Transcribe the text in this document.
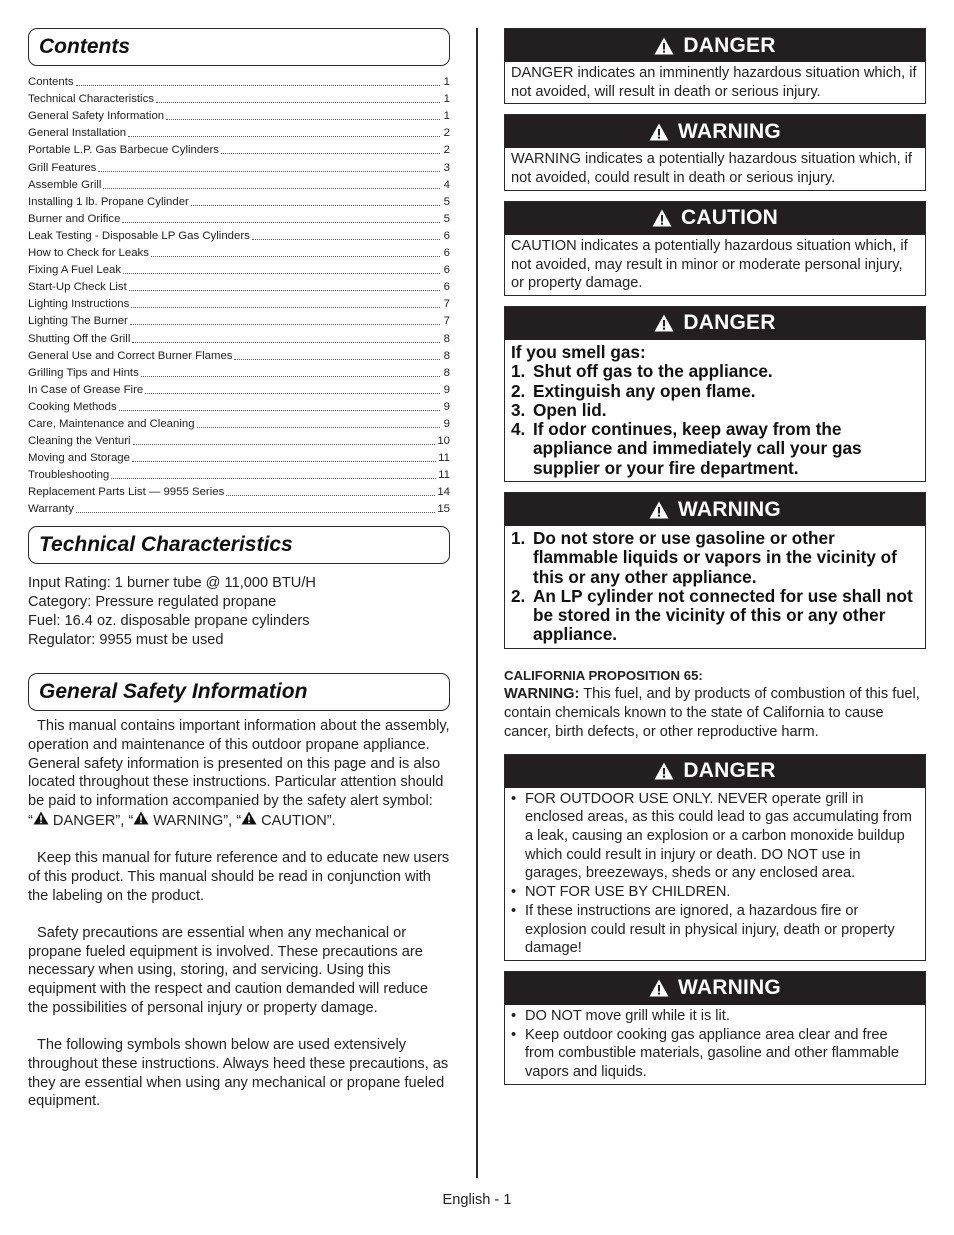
Contents
Contents	1
Technical Characteristics	1
General Safety Information	1
General Installation	2
Portable L.P. Gas Barbecue Cylinders	2
Grill Features	3
Assemble Grill	4
Installing 1 lb. Propane Cylinder	5
Burner and Orifice	5
Leak Testing - Disposable LP Gas Cylinders	6
How to Check for Leaks	6
Fixing A Fuel Leak	6
Start-Up Check List	6
Lighting Instructions	7
Lighting The Burner	7
Shutting Off the Grill	8
General Use and Correct Burner Flames	8
Grilling Tips and Hints	8
In Case of Grease Fire	9
Cooking Methods	9
Care, Maintenance and Cleaning	9
Cleaning the Venturi	10
Moving and Storage	11
Troubleshooting	11
Replacement Parts List — 9955 Series	14
Warranty	15
Technical Characteristics
Input Rating: 1 burner tube @ 11,000 BTU/H
Category: Pressure regulated propane
Fuel: 16.4 oz. disposable propane cylinders
Regulator: 9955 must be used
General Safety Information

This manual contains important information about the assembly, operation and maintenance of this outdoor propane appliance. General safety information is presented on this page and is also located throughout these instructions. Particular attention should be paid to information accompanied by the safety alert symbol:
“ DANGER”, “ WARNING”, “ CAUTION”.

Keep this manual for future reference and to educate new users of this product. This manual should be read in conjunction with the labeling on the product.

Safety precautions are essential when any mechanical or propane fueled equipment is involved. These precautions are necessary when using, storing, and servicing. Using this equipment with the respect and caution demanded will reduce the possibilities of personal injury or property damage.

The following symbols shown below are used extensively throughout these instructions. Always heed these precautions, as they are essential when using any mechanical or propane fueled equipment.

DANGER
DANGER indicates an imminently hazardous situation which, if not avoided, will result in death or serious injury.
WARNING
WARNING indicates a potentially hazardous situation which, if not avoided, could result in death or serious injury.
CAUTION
CAUTION indicates a potentially hazardous situation which, if not avoided, may result in minor or moderate personal injury, or property damage.
DANGER
If you smell gas:
1. Shut off gas to the appliance.
2. Extinguish any open flame.
3. Open lid.
4. If odor continues, keep away from the appliance and immediately call your gas supplier or your fire department.
WARNING
1. Do not store or use gasoline or other flammable liquids or vapors in the vicinity of this or any other appliance.
2. An LP cylinder not connected for use shall not be stored in the vicinity of this or any other appliance.
CALIFORNIA PROPOSITION 65:
WARNING: This fuel, and by products of combustion of this fuel, contain chemicals known to the state of California to cause cancer, birth defects, or other reproductive harm.
DANGER
• FOR OUTDOOR USE ONLY. NEVER operate grill in enclosed areas, as this could lead to gas accumulating from a leak, causing an explosion or a carbon monoxide buildup which could result in injury or death. DO NOT use in garages, breezeways, sheds or any enclosed area.
• NOT FOR USE BY CHILDREN.
• If these instructions are ignored, a hazardous fire or explosion could result in physical injury, death or property damage!
WARNING
• DO NOT move grill while it is lit.
• Keep outdoor cooking gas appliance area clear and free from combustible materials, gasoline and other flammable vapors and liquids.
English - 1
